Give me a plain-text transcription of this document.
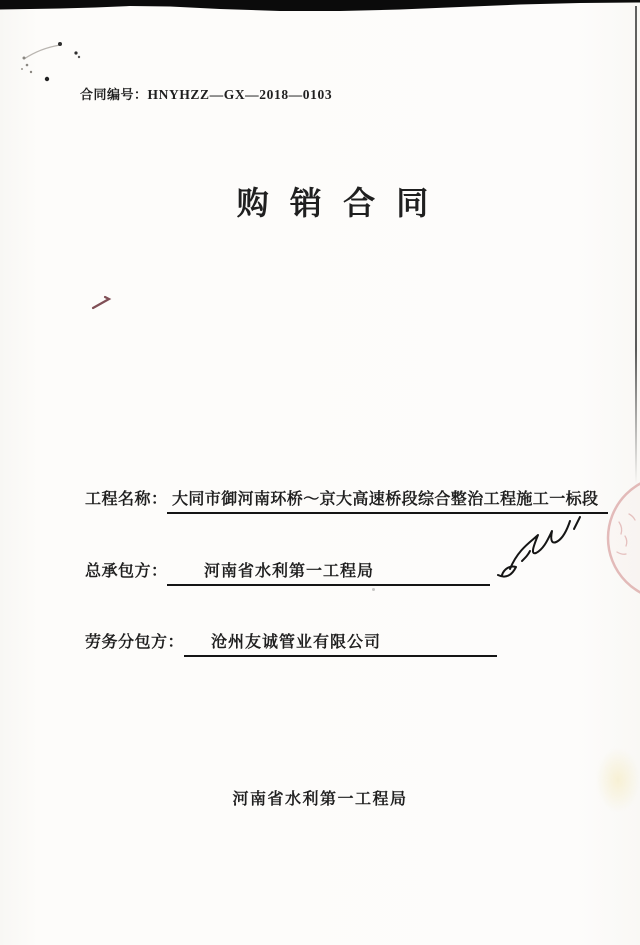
合同编号：HNYHZZ—GX—2018—0103
购 销 合 同
工程名称： 大同市御河南环桥～京大高速桥段综合整治工程施工一标段
总承包方：	河南省水利第一工程局
劳务分包方：	沧州友诚管业有限公司
河南省水利第一工程局
